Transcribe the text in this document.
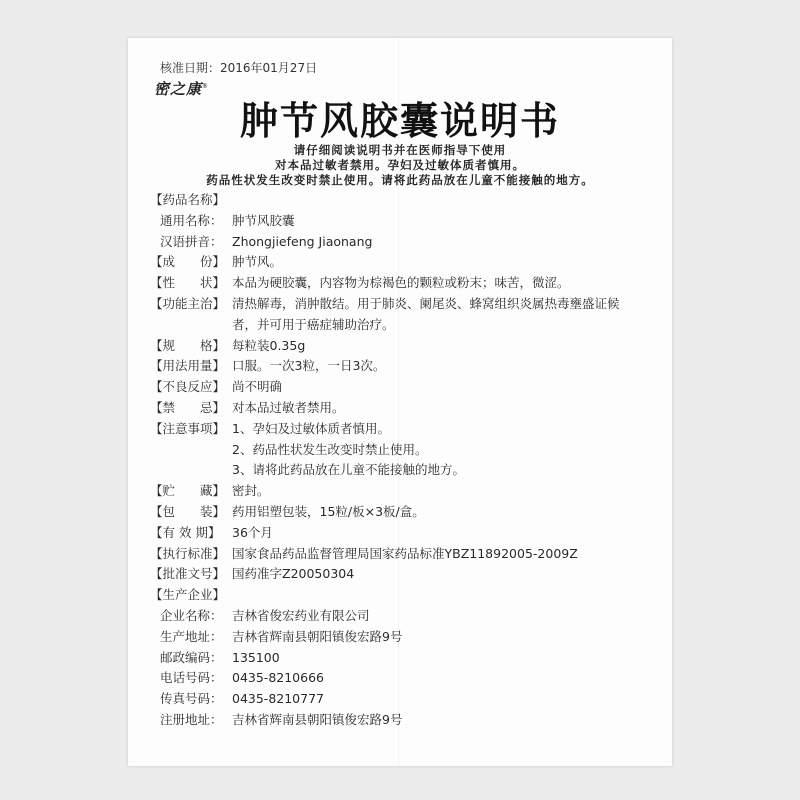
核准日期：2016年01月27日
密之康®
肿节风胶囊说明书
请仔细阅读说明书并在医师指导下使用
对本品过敏者禁用。孕妇及过敏体质者慎用。
药品性状发生改变时禁止使用。请将此药品放在儿童不能接触的地方。
【药品名称】
通用名称： 肿节风胶囊
汉语拼音： Zhongjiefeng Jiaonang
【成　　份】 肿节风。
【性　　状】 本品为硬胶囊，内容物为棕褐色的颗粒或粉末；味苦，微涩。
【功能主治】 清热解毒，消肿散结。用于肺炎、阑尾炎、蜂窝组织炎属热毒壅盛证候
者，并可用于癌症辅助治疗。
【规　　格】 每粒装0.35g
【用法用量】 口服。一次3粒，一日3次。
【不良反应】 尚不明确
【禁　　忌】 对本品过敏者禁用。
【注意事项】 1、孕妇及过敏体质者慎用。
2、药品性状发生改变时禁止使用。
3、请将此药品放在儿童不能接触的地方。
【贮　　藏】 密封。
【包　　装】 药用铝塑包装，15粒/板×3板/盒。
【有 效 期】 36个月
【执行标准】 国家食品药品监督管理局国家药品标准YBZ11892005-2009Z
【批准文号】 国药准字Z20050304
【生产企业】
企业名称： 吉林省俊宏药业有限公司
生产地址： 吉林省辉南县朝阳镇俊宏路9号
邮政编码： 135100
电话号码： 0435-8210666
传真号码： 0435-8210777
注册地址： 吉林省辉南县朝阳镇俊宏路9号
